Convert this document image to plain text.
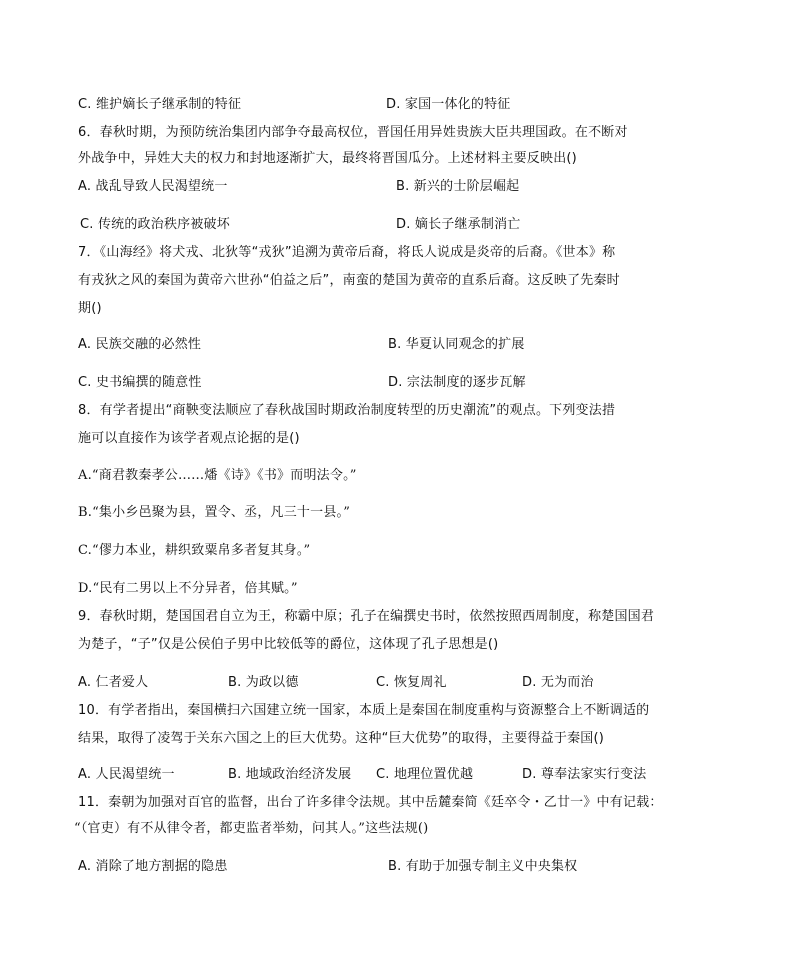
C. 维护嫡长子继承制的特征	D. 家国一体化的特征
6．春秋时期，为预防统治集团内部争夺最高权位，晋国任用异姓贵族大臣共理国政。在不断对
外战争中，异姓大夫的权力和封地逐渐扩大，最终将晋国瓜分。上述材料主要反映出()
A. 战乱导致人民渴望统一	B. 新兴的士阶层崛起
C. 传统的政治秩序被破坏	D. 嫡长子继承制消亡
7．《山海经》将犬戎、北狄等“戎狄”追溯为黄帝后裔，将氐人说成是炎帝的后裔。《世本》称
有戎狄之风的秦国为黄帝六世孙“伯益之后”，南蛮的楚国为黄帝的直系后裔。这反映了先秦时
期()
A. 民族交融的必然性	B. 华夏认同观念的扩展
C. 史书编撰的随意性	D. 宗法制度的逐步瓦解
8．有学者提出“商鞅变法顺应了春秋战国时期政治制度转型的历史潮流”的观点。下列变法措
施可以直接作为该学者观点论据的是()
A.“商君教秦孝公……燔《诗》《书》而明法令。”
B.“集小乡邑聚为县，置令、丞，凡三十一县。”
C.“僇力本业，耕织致粟帛多者复其身。”
D.“民有二男以上不分异者，倍其赋。”
9．春秋时期，楚国国君自立为王，称霸中原；孔子在编撰史书时，依然按照西周制度，称楚国国君
为楚子，“子”仅是公侯伯子男中比较低等的爵位，这体现了孔子思想是()
A. 仁者爱人	B. 为政以德	C. 恢复周礼	D. 无为而治
10．有学者指出，秦国横扫六国建立统一国家，本质上是秦国在制度重构与资源整合上不断调适的
结果，取得了凌驾于关东六国之上的巨大优势。这种“巨大优势”的取得，主要得益于秦国()
A. 人民渴望统一	B. 地域政治经济发展 C. 地理位置优越	D. 尊奉法家实行变法
11．秦朝为加强对百官的监督，出台了许多律令法规。其中岳麓秦简《廷卒令・乙廿一》中有记载：
“（官吏）有不从律令者，都吏监者举劾，问其人。”这些法规()
A. 消除了地方割据的隐患	B. 有助于加强专制主义中央集权
